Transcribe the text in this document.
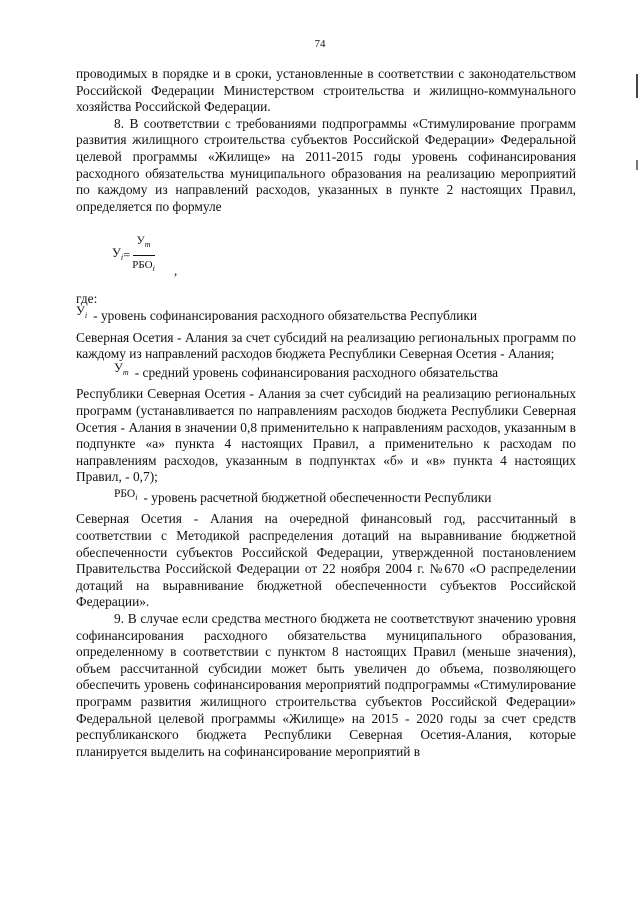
74

проводимых в порядке и в сроки, установленные в соответствии с законодательством Российской Федерации Министерством строительства и жилищно-коммунального хозяйства Российской Федерации.

8. В соответствии с требованиями подпрограммы «Стимулирование программ развития жилищного строительства субъектов Российской Федерации» Федеральной целевой программы «Жилище» на 2011-2015 годы уровень софинансирования расходного обязательства муниципального образования на реализацию мероприятий по каждому из направлений расходов, указанных в пункте 2 настоящих Правил, определяется по формуле

$У_i = \frac{У_т}{РБО_i}$ ,

где:

$У_i$ - уровень софинансирования расходного обязательства Республики

Северная Осетия - Алания за счет субсидий на реализацию региональных программ по каждому из направлений расходов бюджета Республики Северная Осетия - Алания;

$У_т$ - средний уровень софинансирования расходного обязательства

Республики Северная Осетия - Алания за счет субсидий на реализацию региональных программ (устанавливается по направлениям расходов бюджета Республики Северная Осетия - Алания в значении 0,8 применительно к направлениям расходов, указанным в подпункте «а» пункта 4 настоящих Правил, а применительно к расходам по направлениям расходов, указанным в подпунктах «б» и «в» пункта 4 настоящих Правил, - 0,7);

$РБО_i$ - уровень расчетной бюджетной обеспеченности Республики

Северная Осетия - Алания на очередной финансовый год, рассчитанный в соответствии с Методикой распределения дотаций на выравнивание бюджетной обеспеченности субъектов Российской Федерации, утвержденной постановлением Правительства Российской Федерации от 22 ноября 2004 г. №670 «О распределении дотаций на выравнивание бюджетной обеспеченности субъектов Российской Федерации».

9. В случае если средства местного бюджета не соответствуют значению уровня софинансирования расходного обязательства муниципального образования, определенному в соответствии с пунктом 8 настоящих Правил (меньше значения), объем рассчитанной субсидии может быть увеличен до объема, позволяющего обеспечить уровень софинансирования мероприятий подпрограммы «Стимулирование программ развития жилищного строительства субъектов Российской Федерации» Федеральной целевой программы «Жилище» на 2015 - 2020 годы за счет средств республиканского бюджета Республики Северная Осетия-Алания, которые планируется выделить на софинансирование мероприятий в
